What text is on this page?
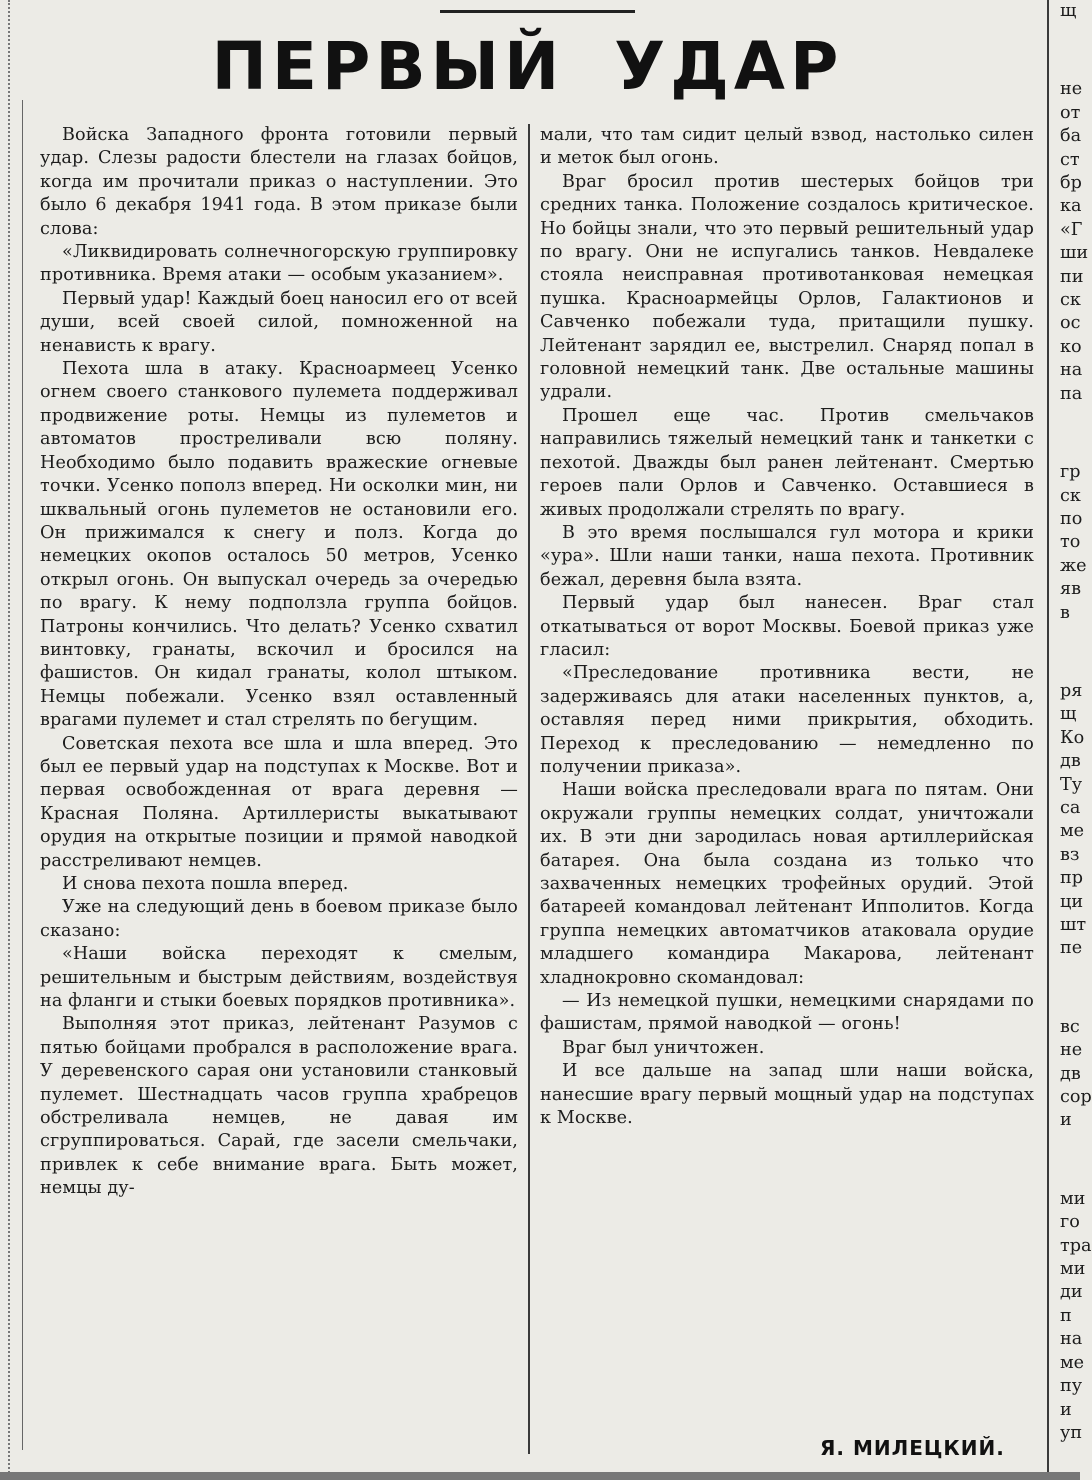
ПЕРВЫЙ УДАР

Войска Западного фронта готовили первый удар. Слезы радости блестели на глазах бойцов, когда им прочитали приказ о наступлении. Это было 6 декабря 1941 года. В этом приказе были слова:

«Ликвидировать солнечногорскую группировку противника. Время атаки — особым указанием».

Первый удар! Каждый боец наносил его от всей души, всей своей силой, помноженной на ненависть к врагу.

Пехота шла в атаку. Красноармеец Усенко огнем своего станкового пулемета поддерживал продвижение роты. Немцы из пулеметов и автоматов простреливали всю поляну. Необходимо было подавить вражеские огневые точки. Усенко пополз вперед. Ни осколки мин, ни шквальный огонь пулеметов не остановили его. Он прижимался к снегу и полз. Когда до немецких окопов осталось 50 метров, Усенко открыл огонь. Он выпускал очередь за очередью по врагу. К нему подползла группа бойцов. Патроны кончились. Что делать? Усенко схватил винтовку, гранаты, вскочил и бросился на фашистов. Он кидал гранаты, колол штыком. Немцы побежали. Усенко взял оставленный врагами пулемет и стал стрелять по бегущим.

Советская пехота все шла и шла вперед. Это был ее первый удар на подступах к Москве. Вот и первая освобожденная от врага деревня — Красная Поляна. Артиллеристы выкатывают орудия на открытые позиции и прямой наводкой расстреливают немцев.

И снова пехота пошла вперед.

Уже на следующий день в боевом приказе было сказано:

«Наши войска переходят к смелым, решительным и быстрым действиям, воздействуя на фланги и стыки боевых порядков противника».

Выполняя этот приказ, лейтенант Разумов с пятью бойцами пробрался в расположение врага. У деревенского сарая они установили станковый пулемет. Шестнадцать часов группа храбрецов обстреливала немцев, не давая им сгруппироваться. Сарай, где засели смельчаки, привлек к себе внимание врага. Быть может, немцы ду-

мали, что там сидит целый взвод, настолько силен и меток был огонь.

Враг бросил против шестерых бойцов три средних танка. Положение создалось критическое. Но бойцы знали, что это первый решительный удар по врагу. Они не испугались танков. Невдалеке стояла неисправная противотанковая немецкая пушка. Красноармейцы Орлов, Галактионов и Савченко побежали туда, притащили пушку. Лейтенант зарядил ее, выстрелил. Снаряд попал в головной немецкий танк. Две остальные машины удрали.

Прошел еще час. Против смельчаков направились тяжелый немецкий танк и танкетки с пехотой. Дважды был ранен лейтенант. Смертью героев пали Орлов и Савченко. Оставшиеся в живых продолжали стрелять по врагу.

В это время послышался гул мотора и крики «ура». Шли наши танки, наша пехота. Противник бежал, деревня была взята.

Первый удар был нанесен. Враг стал откатываться от ворот Москвы. Боевой приказ уже гласил:

«Преследование противника вести, не задерживаясь для атаки населенных пунктов, а, оставляя перед ними прикрытия, обходить. Переход к преследованию — немедленно по получении приказа».

Наши войска преследовали врага по пятам. Они окружали группы немецких солдат, уничтожали их. В эти дни зародилась новая артиллерийская батарея. Она была создана из только что захваченных немецких трофейных орудий. Этой батареей командовал лейтенант Ипполитов. Когда группа немецких автоматчиков атаковала орудие младшего командира Макарова, лейтенант хладнокровно скомандовал:

— Из немецкой пушки, немецкими снарядами по фашистам, прямой наводкой — огонь!

Враг был уничтожен.

И все дальше на запад шли наши войска, нанесшие врагу первый мощный удар на подступах к Москве.

Я. МИЛЕЦКИЙ.

щ

не

от

ба

ст

бр

ка

«Г

ши

пи

ск

ос

ко

на

па

гр

ск

по

то

же

яв

в

ря

щ

Ко

дв

Ту

са

ме

вз

пр

ци

шт

пе

вс

не

дв

сор

и

ми

го

тра

ми

ди

п

на

ме

пу

и

уп
